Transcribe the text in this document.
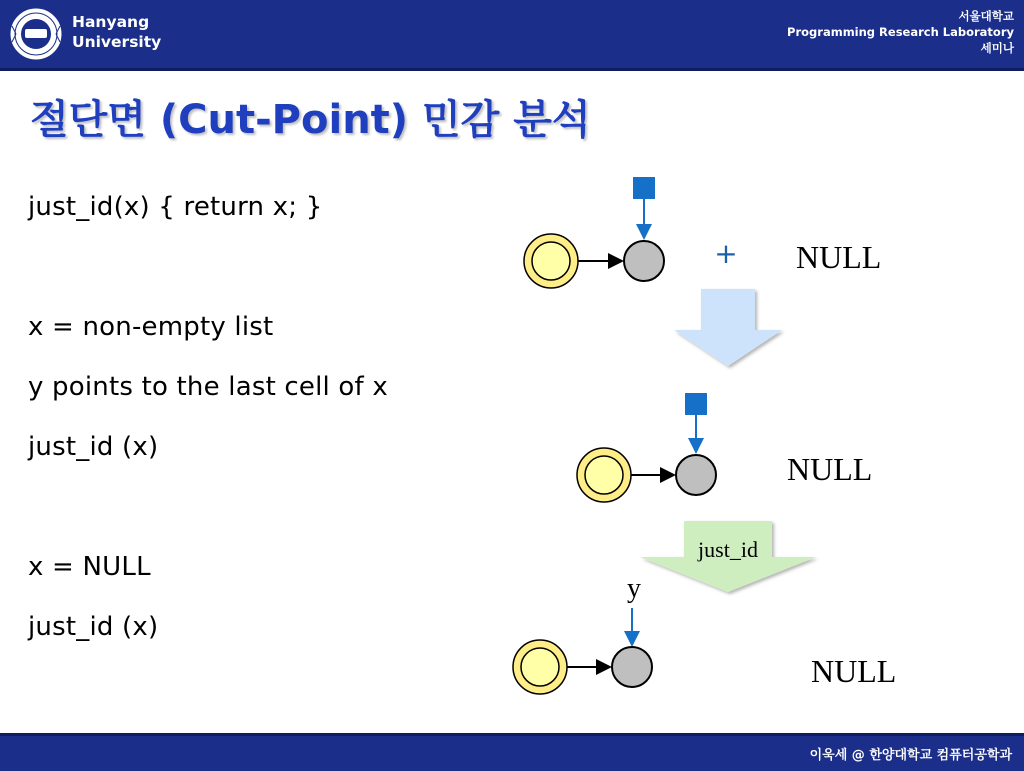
Hanyang
University
서울대학교
Programming Research Laboratory
세미나
절단면 (Cut-Point) 민감 분석
just_id(x) { return x; }
x = non-empty list
y points to the last cell of x
just_id (x)
x = NULL
just_id (x)
+ NULL
NULL
just_id
y
NULL
이욱세 @ 한양대학교 컴퓨터공학과
